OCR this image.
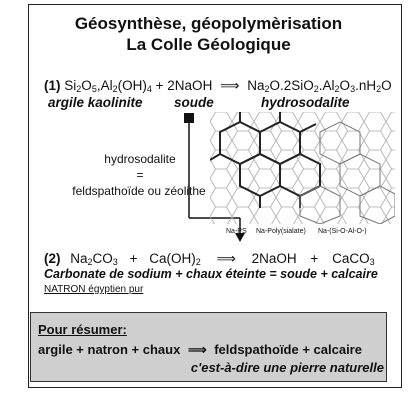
Géosynthèse, géopolymèrisation
La Colle Géologique
(1) $Si_2O_5,Al_2(OH)_4$ + 2NaOH ⟹ $Na_2O.2SiO_2.Al_2O_3.nH_2O$
argile kaolinite soude	hydrosodalite
hydrosodalite
=
feldspathoïde ou zéolithe
Na-PS Na-Poly(sialate) Na-(Si-O-Al-O-)
(2) $Na_2CO_3 + Ca(OH)_2$ ⟹ 2NaOH + CaCO$_3$
Carbonate de sodium + chaux éteinte = soude + calcaire
NATRON égyptien pur
Pour résumer:
argile + natron + chaux ⟹ feldspathoïde + calcaire
c'est-à-dire une pierre naturelle
